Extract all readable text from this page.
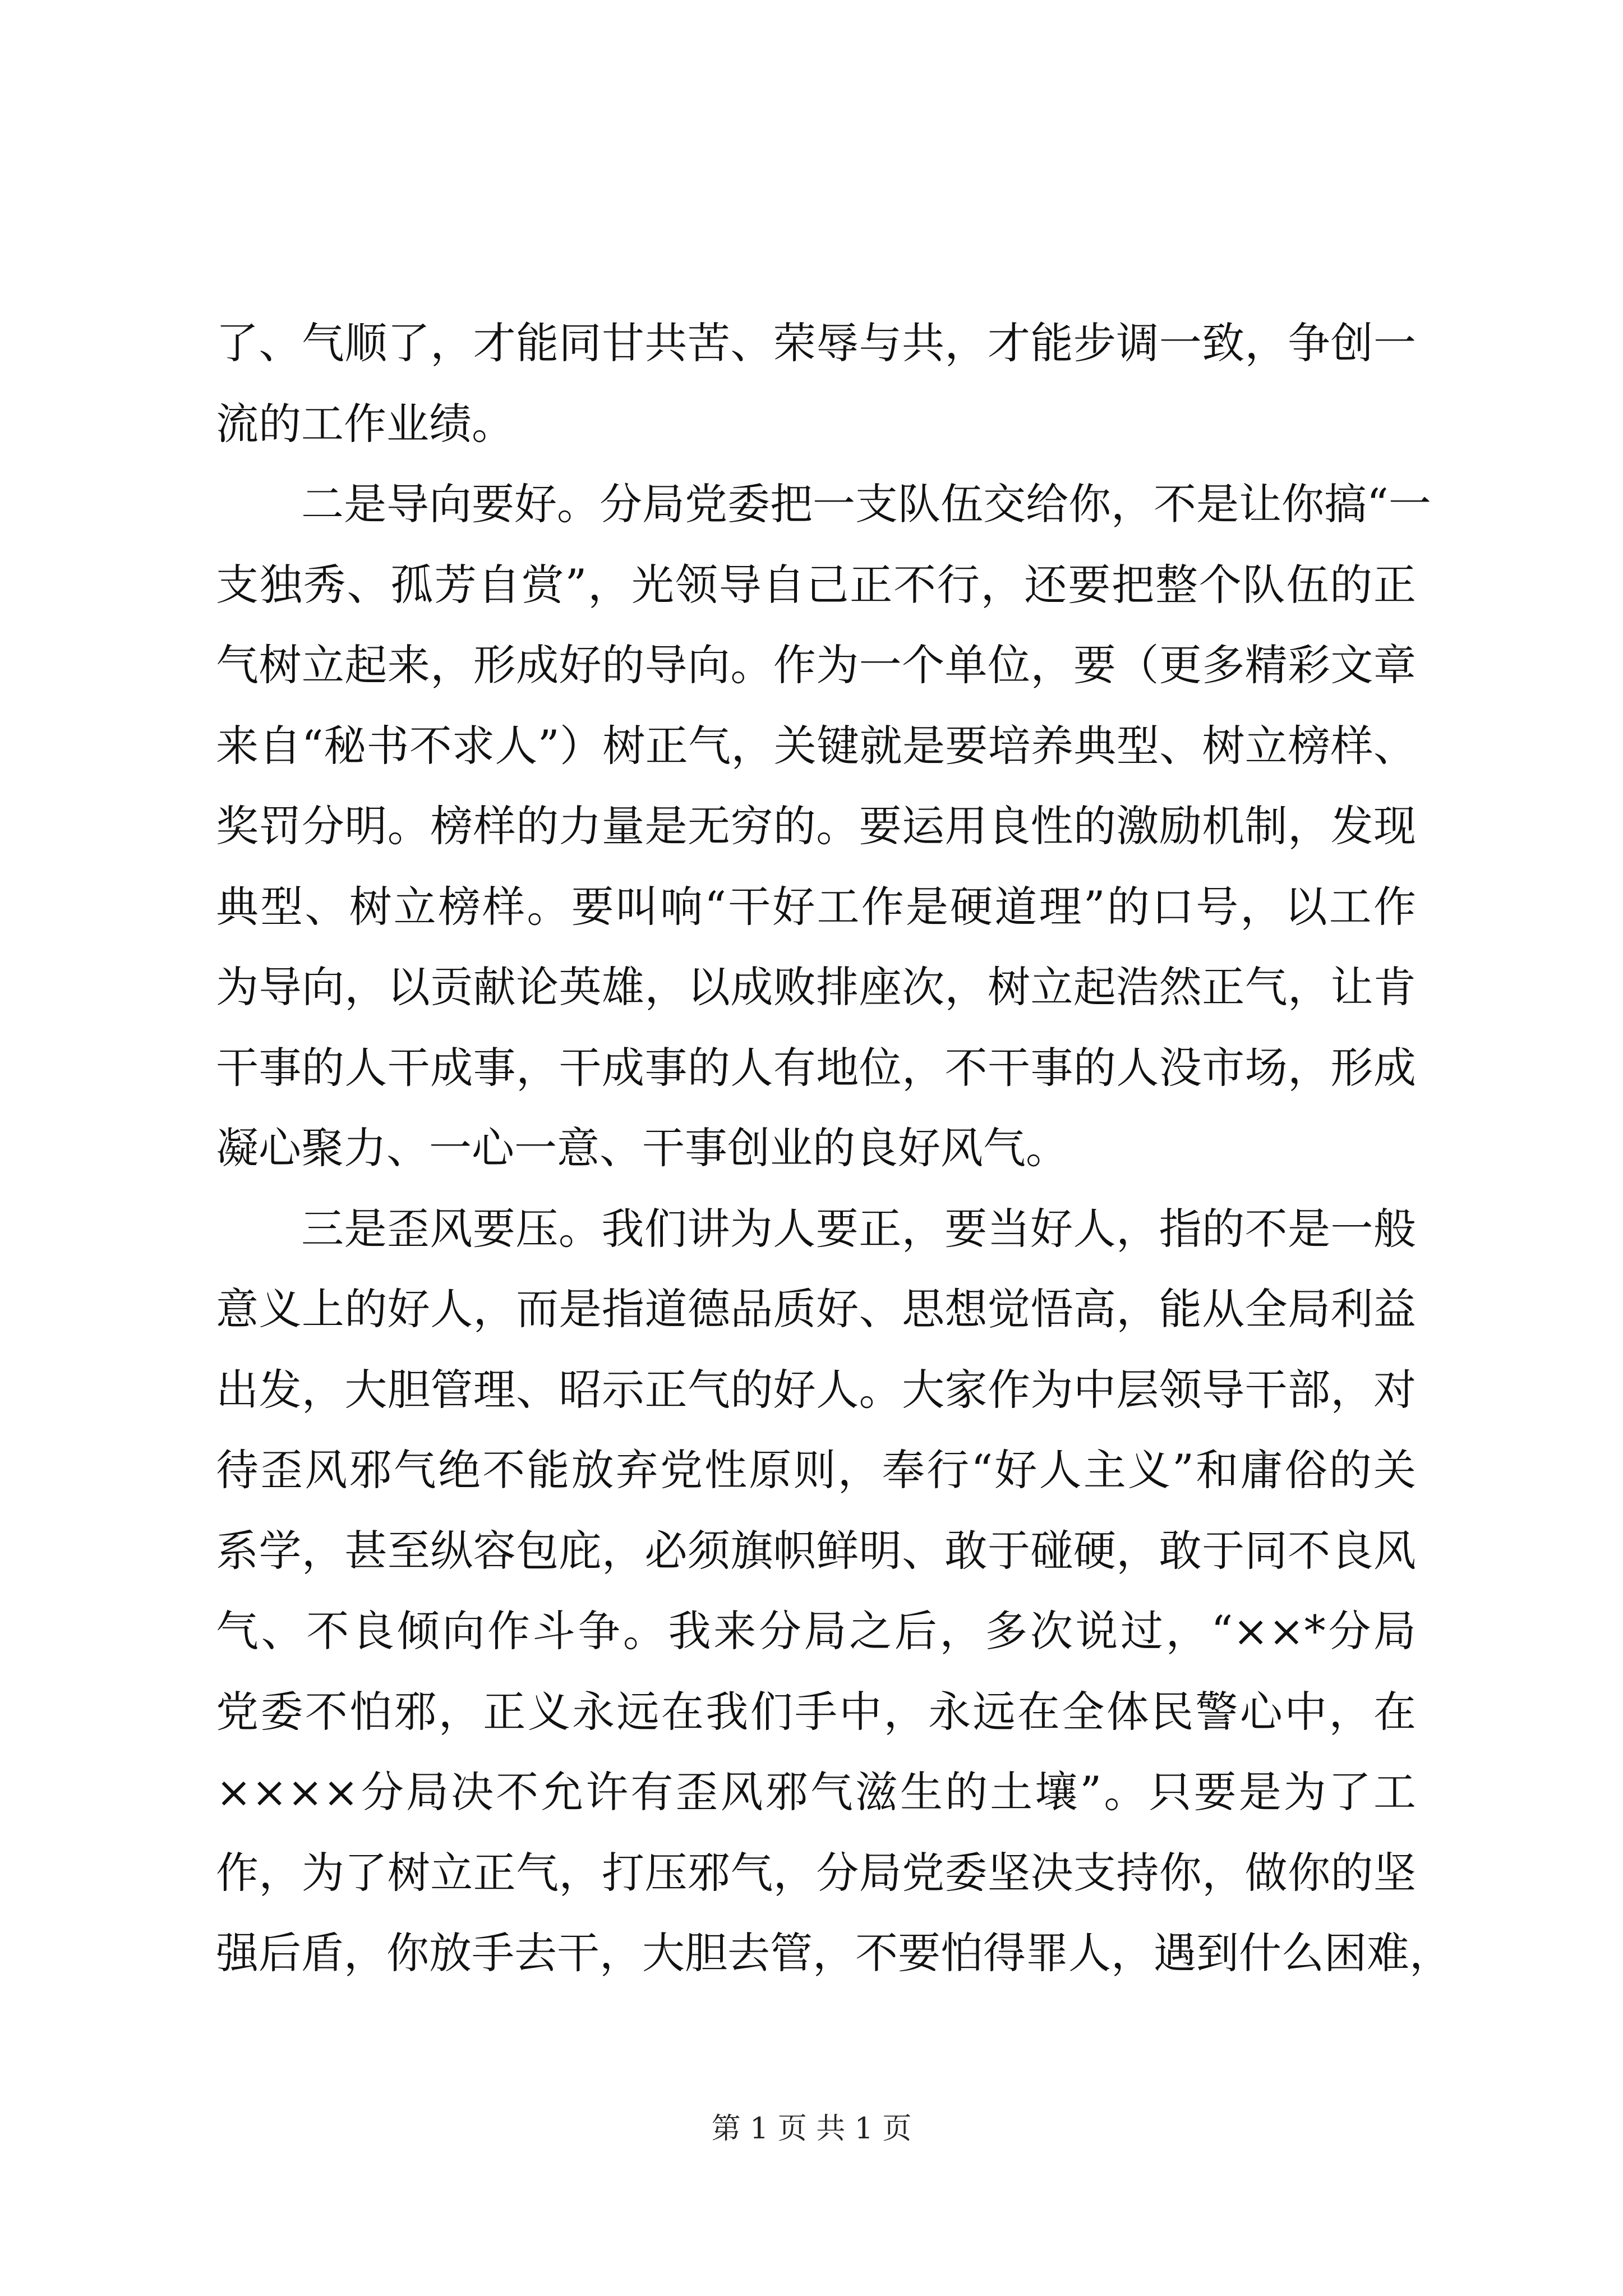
了、气顺了，才能同甘共苦、荣辱与共，才能步调一致，争创一
流的工作业绩。
二是导向要好。分局党委把一支队伍交给你，不是让你搞“一
支独秀、孤芳自赏”，光领导自己正不行，还要把整个队伍的正
气树立起来，形成好的导向。作为一个单位，要（更多精彩文章
来自“秘书不求人”）树正气，关键就是要培养典型、树立榜样、
奖罚分明。榜样的力量是无穷的。要运用良性的激励机制，发现
典型、树立榜样。要叫响“干好工作是硬道理”的口号，以工作
为导向，以贡献论英雄，以成败排座次，树立起浩然正气，让肯
干事的人干成事，干成事的人有地位，不干事的人没市场，形成
凝心聚力、一心一意、干事创业的良好风气。
三是歪风要压。我们讲为人要正，要当好人，指的不是一般
意义上的好人，而是指道德品质好、思想觉悟高，能从全局利益
出发，大胆管理、昭示正气的好人。大家作为中层领导干部，对
待歪风邪气绝不能放弃党性原则，奉行“好人主义”和庸俗的关
系学，甚至纵容包庇，必须旗帜鲜明、敢于碰硬，敢于同不良风
气、不良倾向作斗争。我来分局之后，多次说过，“××*分局
党委不怕邪，正义永远在我们手中，永远在全体民警心中，在
××××分局决不允许有歪风邪气滋生的土壤”。只要是为了工
作，为了树立正气，打压邪气，分局党委坚决支持你，做你的坚
强后盾，你放手去干，大胆去管，不要怕得罪人，遇到什么困难，
第 1 页 共 1 页
